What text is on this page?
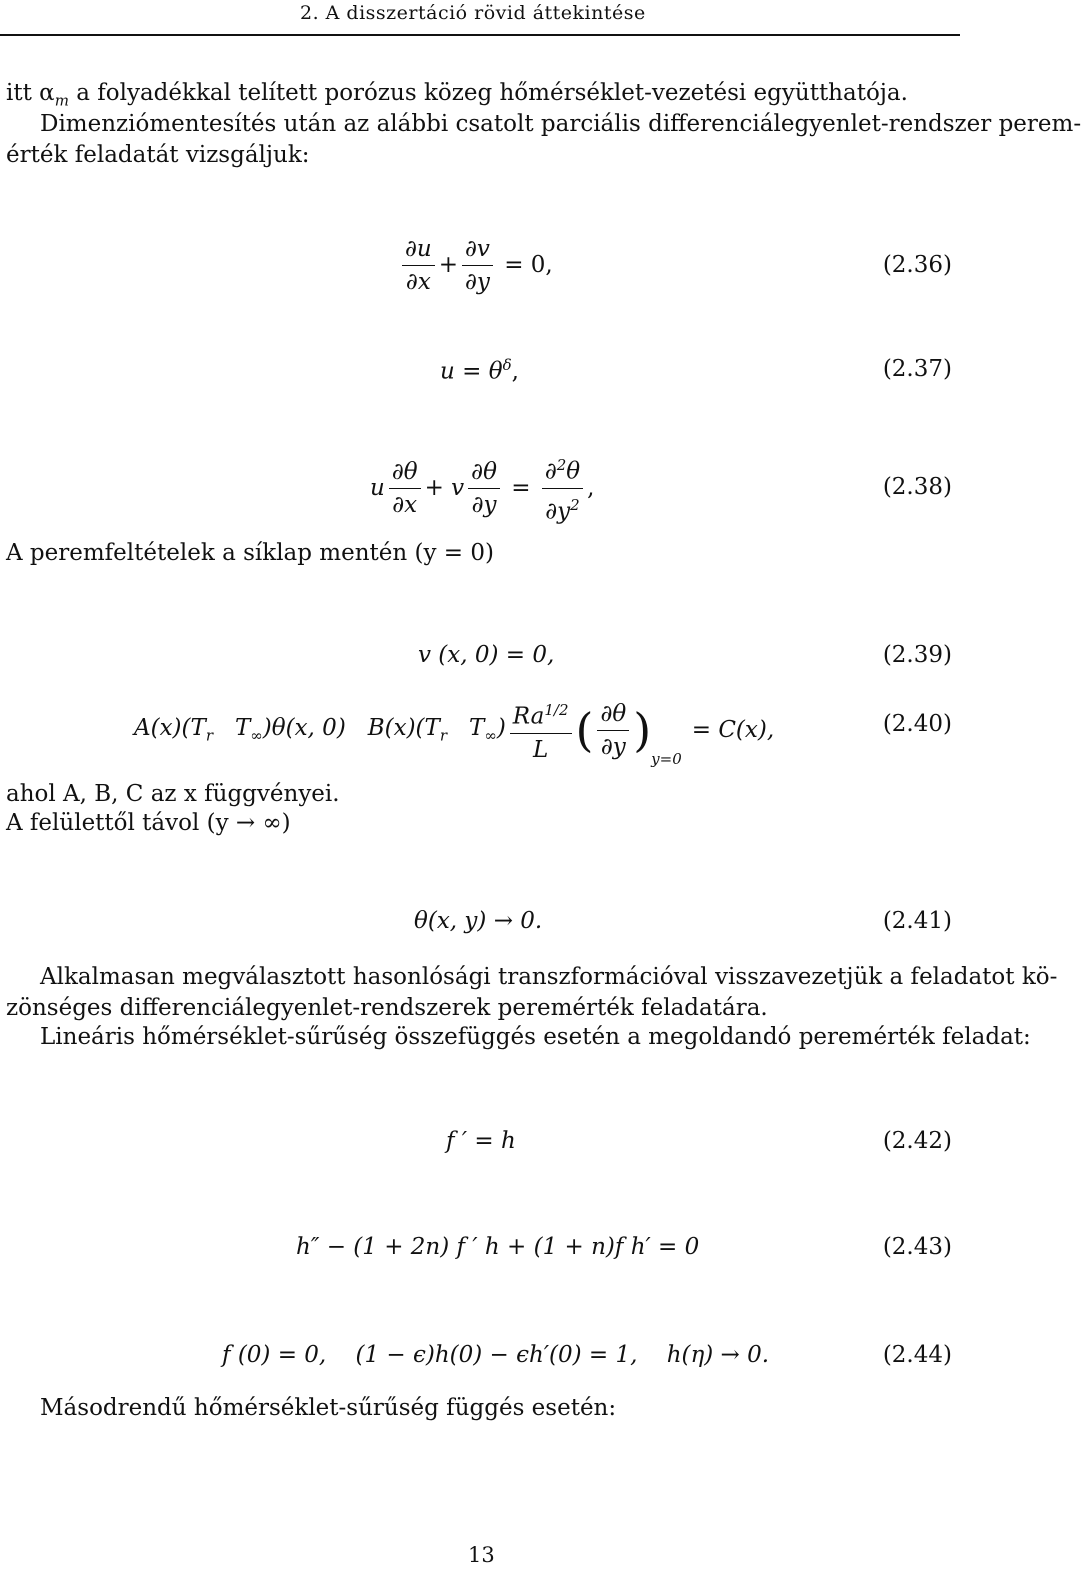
2. A disszertáció rövid áttekintése
itt $\alpha_m$ a folyadékkal telített porózus közeg hőmérséklet-vezetési együtthatója.
Dimenziómentesítés után az alábbi csatolt parciális differenciálegyenlet-rendszer perem-
érték feladatát vizsgáljuk:
$\frac{\partial u}{\partial x} + \frac{\partial v}{\partial y} = 0$,	(2.36)
$u = \theta^\delta$,	(2.37)
u $\frac{\partial\theta}{\partial x} + v \frac{\partial\theta}{\partial y} = \frac{\partial^2\theta}{\partial y^2}$ ,	(2.38)
A peremfeltételek a síklap mentén (y = 0)
v (x, 0) = 0,	(2.39)
$A(x)(T_r$   $T_\infty)\theta(x$, 0)   $B(x)(T_r$   $T_\infty) \frac{Ra^{1/2}}{L}$ ( $\frac{\partial\theta}{\partial y}$ )
y=0
= C(x),	(2.40)
ahol A, B, C az x függvényei.
A felülettől távol (y → ∞)
θ(x, y) → 0.	(2.41)
Alkalmasan megválasztott hasonlósági transzformációval visszavezetjük a feladatot kö-
zönséges differenciálegyenlet-rendszerek peremérték feladatára.
Lineáris hőmérséklet-sűrűség összefüggés esetén a megoldandó peremérték feladat:
f ′ = h	(2.42)
h″ − (1 + 2n) f ′ h + (1 + n)f h′ = 0	(2.43)
f (0) = 0,    (1 − ϵ)h(0) − ϵh′(0) = 1,    h(η) → 0.	(2.44)
Másodrendű hőmérséklet-sűrűség függés esetén:
13
